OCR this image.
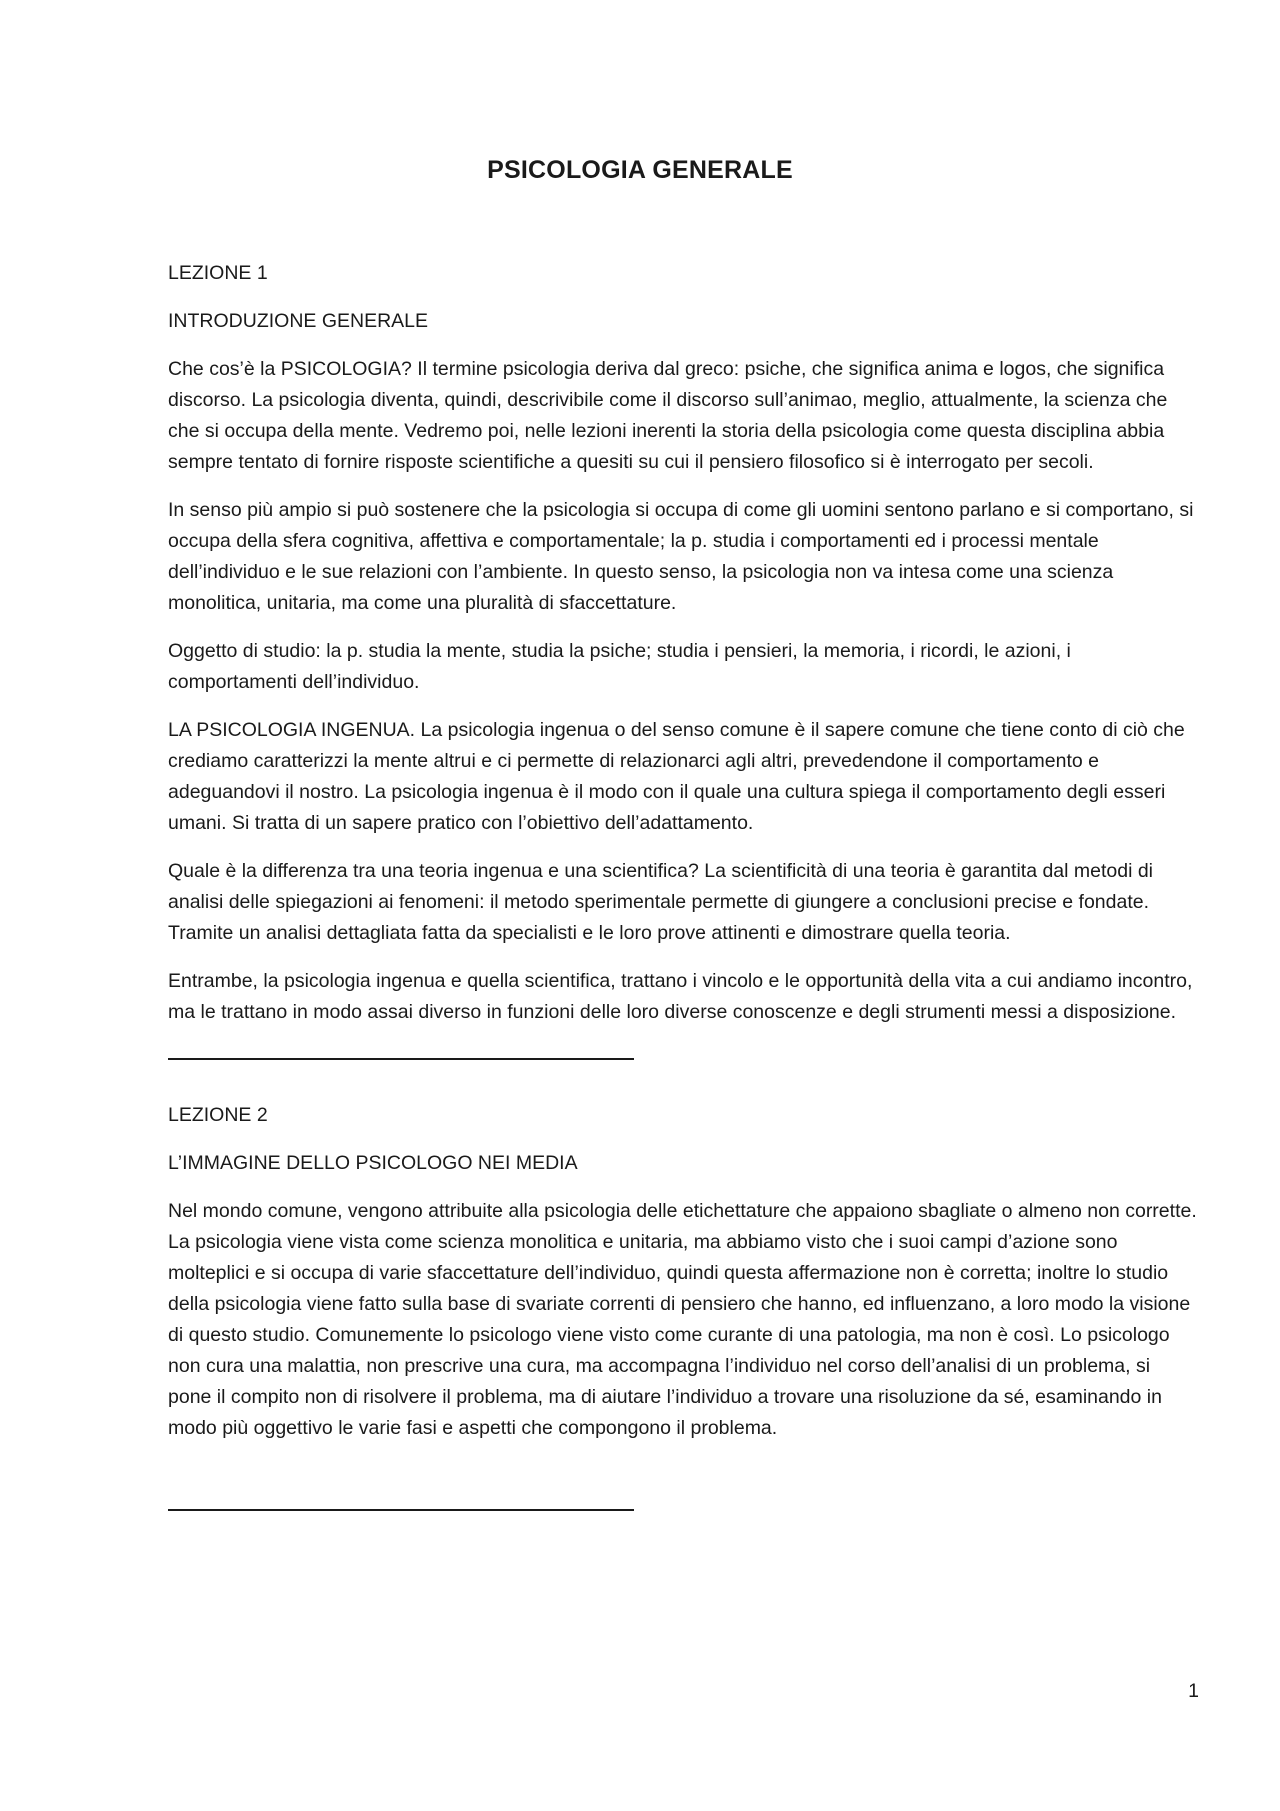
PSICOLOGIA GENERALE

LEZIONE 1

INTRODUZIONE GENERALE

Che cos’è la PSICOLOGIA? Il termine psicologia deriva dal greco: psiche, che significa anima e logos, che significa discorso. La psicologia diventa, quindi, descrivibile come il discorso sull’animao, meglio, attualmente, la scienza che che si occupa della mente. Vedremo poi, nelle lezioni inerenti la storia della psicologia come questa disciplina abbia sempre tentato di fornire risposte scientifiche a quesiti su cui il pensiero filosofico si è interrogato per secoli.

In senso più ampio si può sostenere che la psicologia si occupa di come gli uomini sentono parlano e si comportano, si occupa della sfera cognitiva, affettiva e comportamentale; la p. studia i comportamenti ed i processi mentale dell’individuo e le sue relazioni con l’ambiente. In questo senso, la psicologia non va intesa come una scienza monolitica, unitaria, ma come una pluralità di sfaccettature.

Oggetto di studio: la p. studia la mente, studia la psiche; studia i pensieri, la memoria, i ricordi, le azioni, i comportamenti dell’individuo.

LA PSICOLOGIA INGENUA. La psicologia ingenua o del senso comune è il sapere comune che tiene conto di ciò che crediamo caratterizzi la mente altrui e ci permette di relazionarci agli altri, prevedendone il comportamento e adeguandovi il nostro. La psicologia ingenua è il modo con il quale una cultura spiega il comportamento degli esseri umani. Si tratta di un sapere pratico con l’obiettivo dell’adattamento.

Quale è la differenza tra una teoria ingenua e una scientifica? La scientificità di una teoria è garantita dal metodi di analisi delle spiegazioni ai fenomeni: il metodo sperimentale permette di giungere a conclusioni precise e fondate. Tramite un analisi dettagliata fatta da specialisti e le loro prove attinenti e dimostrare quella teoria.

Entrambe, la psicologia ingenua e quella scientifica, trattano i vincolo e le opportunità della vita a cui andiamo incontro, ma le trattano in modo assai diverso in funzioni delle loro diverse conoscenze e degli strumenti messi a disposizione.

LEZIONE 2

L’IMMAGINE DELLO PSICOLOGO NEI MEDIA

Nel mondo comune, vengono attribuite alla psicologia delle etichettature che appaiono sbagliate o almeno non corrette. La psicologia viene vista come scienza monolitica e unitaria, ma abbiamo visto che i suoi campi d’azione sono molteplici e si occupa di varie sfaccettature dell’individuo, quindi questa affermazione non è corretta; inoltre lo studio della psicologia viene fatto sulla base di svariate correnti di pensiero che hanno, ed influenzano, a loro modo la visione di questo studio. Comunemente lo psicologo viene visto come curante di una patologia, ma non è così. Lo psicologo non cura una malattia, non prescrive una cura, ma accompagna l’individuo nel corso dell’analisi di un problema, si pone il compito non di risolvere il problema, ma di aiutare l’individuo a trovare una risoluzione da sé, esaminando in modo più oggettivo le varie fasi e aspetti che compongono il problema.

1
